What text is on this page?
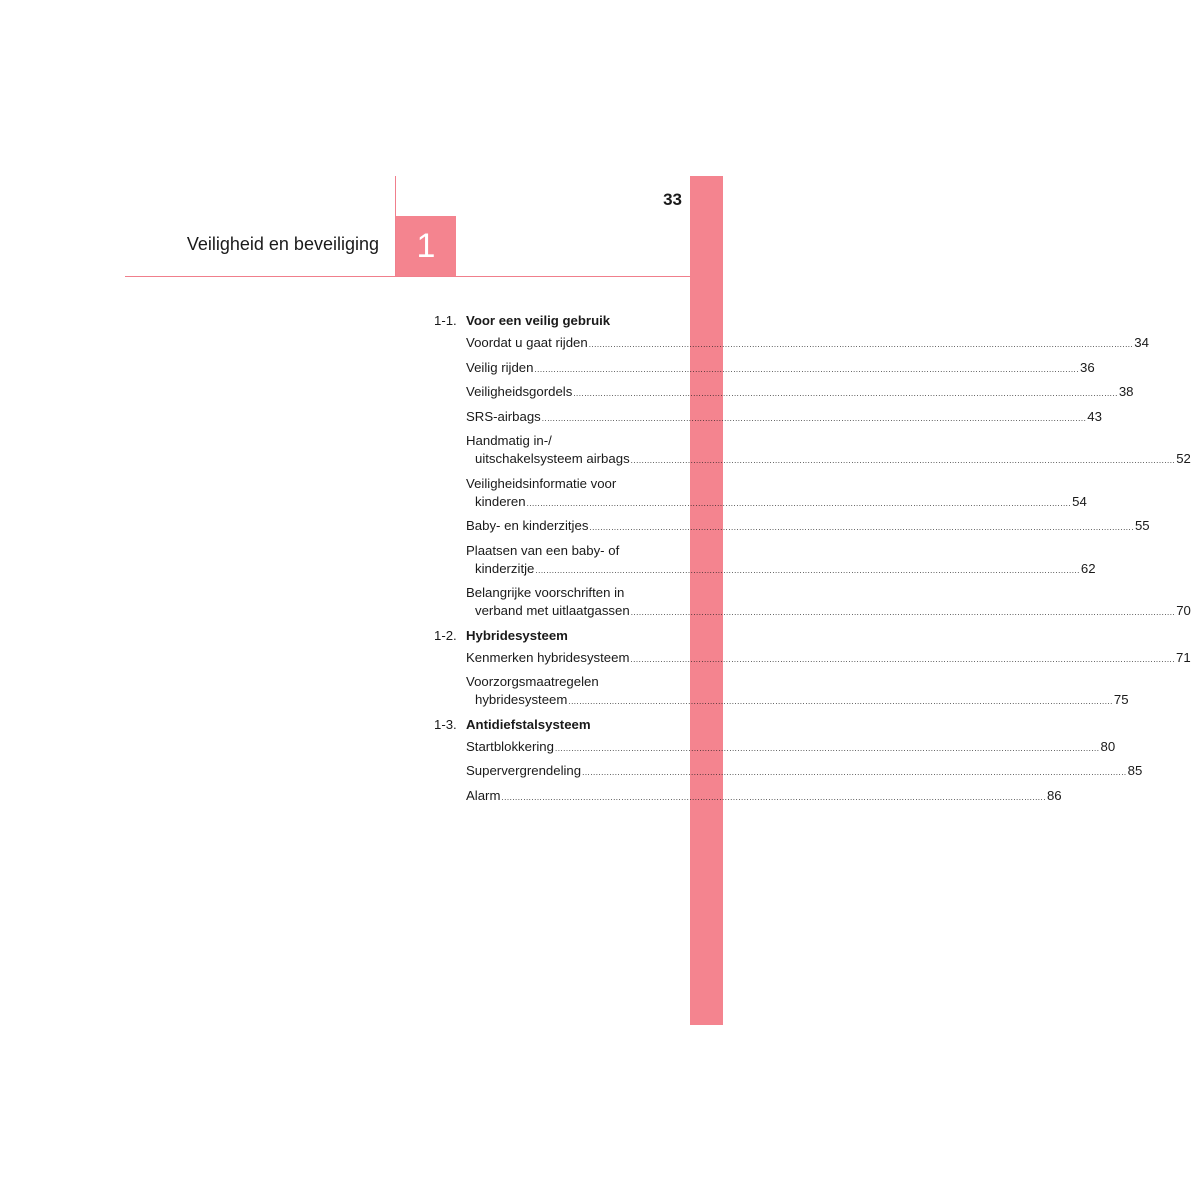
1
Veiligheid en beveiliging
33
1-1. Voor een veilig gebruik
Voordat u gaat rijden ........................................................................................................................................................................................................ 34
Veilig rijden ........................................................................................................................................................................................................ 36
Veiligheidsgordels ........................................................................................................................................................................................................ 38
SRS-airbags ........................................................................................................................................................................................................ 43
Handmatig in-/
uitschakelsysteem airbags ........................................................................................................................................................................................................ 52
Veiligheidsinformatie voor
kinderen ........................................................................................................................................................................................................ 54
Baby- en kinderzitjes ........................................................................................................................................................................................................ 55
Plaatsen van een baby- of
kinderzitje ........................................................................................................................................................................................................ 62
Belangrijke voorschriften in
verband met uitlaatgassen ........................................................................................................................................................................................................ 70
1-2. Hybridesysteem
Kenmerken hybridesysteem ........................................................................................................................................................................................................ 71
Voorzorgsmaatregelen
hybridesysteem ........................................................................................................................................................................................................ 75
1-3. Antidiefstalsysteem
Startblokkering ........................................................................................................................................................................................................ 80
Supervergrendeling ........................................................................................................................................................................................................ 85
Alarm ........................................................................................................................................................................................................ 86
